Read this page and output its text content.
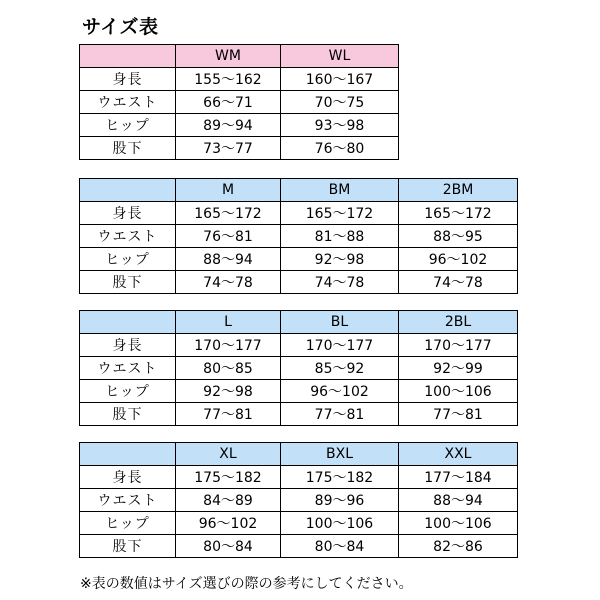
サイズ表
	WM	WL
身長	155～162	160～167
ウエスト	66～71	70～75
ヒップ	89～94	93～98
股下	73～77	76～80
	M	BM	2BM
身長	165～172	165～172	165～172
ウエスト	76～81	81～88	88～95
ヒップ	88～94	92～98	96～102
股下	74～78	74～78	74～78
	L	BL	2BL
身長	170～177	170～177	170～177
ウエスト	80～85	85～92	92～99
ヒップ	92～98	96～102	100～106
股下	77～81	77～81	77～81
	XL	BXL	XXL
身長	175～182	175～182	177～184
ウエスト	84～89	89～96	88～94
ヒップ	96～102	100～106	100～106
股下	80～84	80～84	82～86
※表の数値はサイズ選びの際の参考にしてください。
